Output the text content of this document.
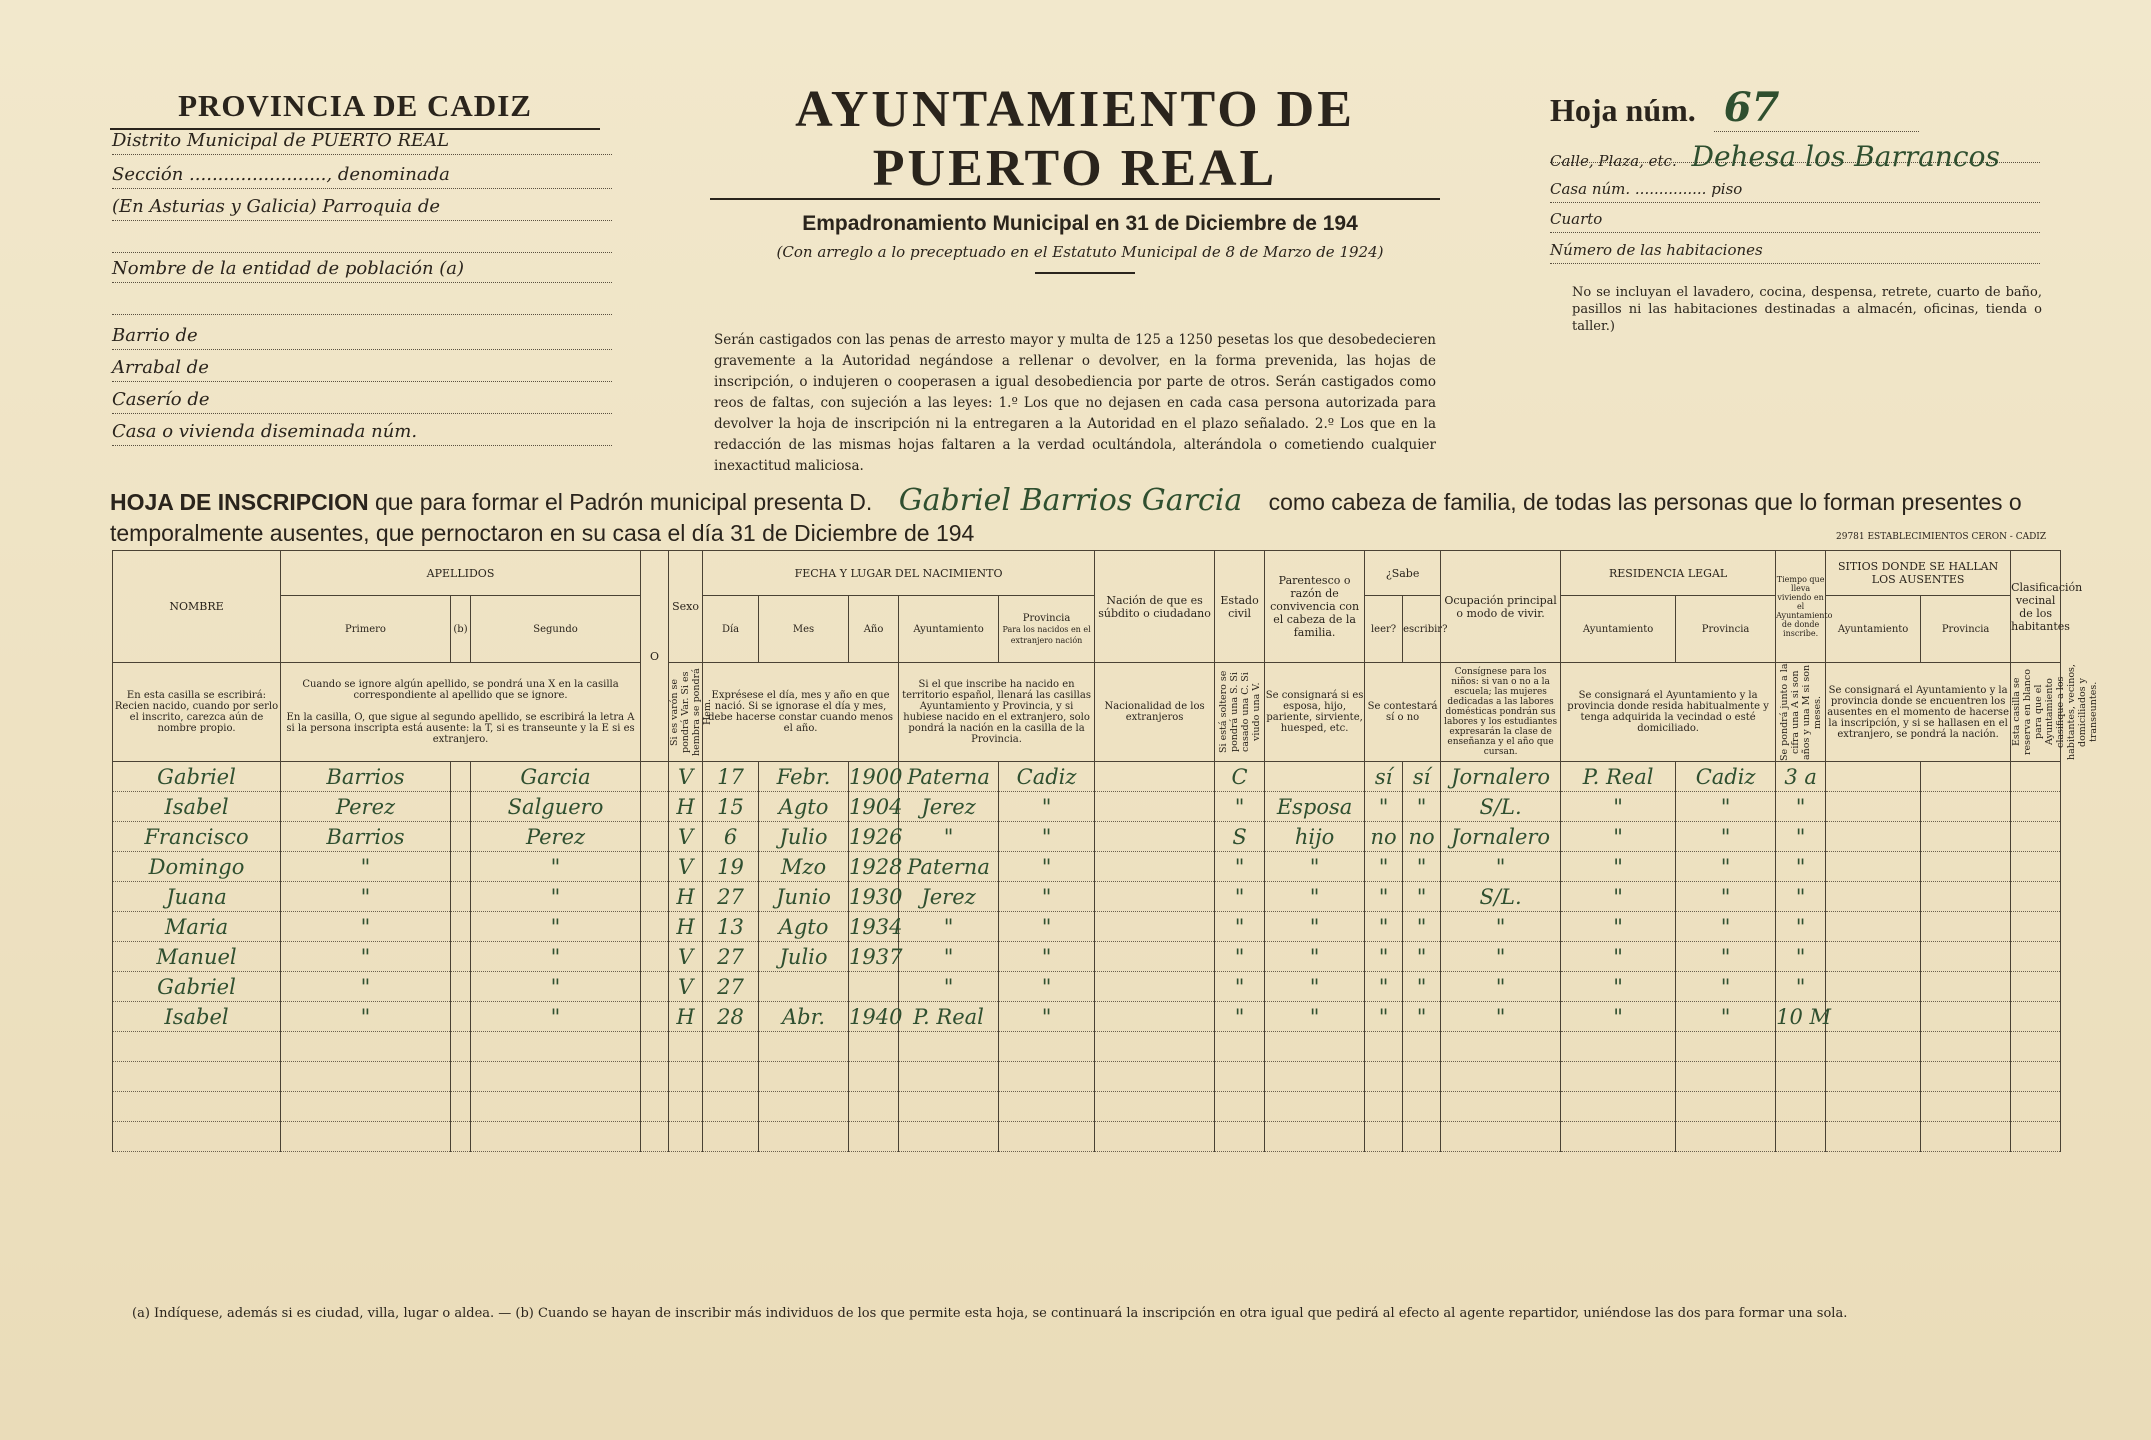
PROVINCIA DE CADIZ
Distrito Municipal de PUERTO REAL
Sección ........................, denominada
(En Asturias y Galicia) Parroquia de
Nombre de la entidad de población (a)
Barrio de
Arrabal de
Caserío de
Casa o vivienda diseminada núm.
AYUNTAMIENTO DE PUERTO REAL
Empadronamiento Municipal en 31 de Diciembre de 194
(Con arreglo a lo preceptuado en el Estatuto Municipal de 8 de Marzo de 1924)
Serán castigados con las penas de arresto mayor y multa de 125 a 1250 pesetas los que desobedecieren gravemente a la Autoridad negándose a rellenar o devolver, en la forma prevenida, las hojas de inscripción, o indujeren o cooperasen a igual desobediencia por parte de otros. Serán castigados como reos de faltas, con sujeción a las leyes: 1.º Los que no dejasen en cada casa persona autorizada para devolver la hoja de inscripción ni la entregaren a la Autoridad en el plazo señalado. 2.º Los que en la redacción de las mismas hojas faltaren a la verdad ocultándola, alterándola o cometiendo cualquier inexactitud maliciosa.
Hoja núm. 67
Calle, Plaza, etc. Dehesa los Barrancos
Casa núm. ............... piso
Cuarto
Número de las habitaciones
No se incluyan el lavadero, cocina, despensa, retrete, cuarto de baño, pasillos ni las habitaciones destinadas a almacén, oficinas, tienda o taller.)
HOJA DE INSCRIPCION que para formar el Padrón municipal presenta D. Gabriel Barrios Garcia como cabeza de familia, de todas las personas que lo forman presentes o temporalmente ausentes, que pernoctaron en su casa el día 31 de Diciembre de 194	29781 ESTABLECIMIENTOS CERON - CADIZ
NOMBRE	APELLIDOS			O	Sexo	FECHA Y LUGAR DEL NACIMIENTO					Nación de que es súbdito o ciudadano	Estado civil	Parentesco o razón de convivencia con el cabeza de la familia.	¿Sabe		Ocupación principal o modo de vivir.	RESIDENCIA LEGAL		Tiempo que lleva viviendo en el Ayuntamiento de donde inscribe.	SITIOS DONDE SE HALLAN LOS AUSENTES		Clasificación vecinal de los habitantes
	Primero	(b)	Segundo			Día	Mes	Año	Ayuntamiento	Provincia
Para los nacidos en el extranjero nación				leer?	escribir?		Ayuntamiento	Provincia		Ayuntamiento	Provincia	
En esta casilla se escribirá: Recien nacido, cuando por serlo el inscrito, carezca aún de nombre propio.	Cuando se ignore algún apellido, se pondrá una X en la casilla correspondiente al apellido que se ignore.

En la casilla, O, que sigue al segundo apellido, se escribirá la letra A si la persona inscripta está ausente: la T, si es transeunte y la E si es extranjero.				Si es varón se pondrá Var. Si es hembra se pondrá Hem.	Exprésese el día, mes y año en que nació. Si se ignorase el día y mes, debe hacerse constar cuando menos el año.			Si el que inscribe ha nacido en territorio español, llenará las casillas Ayuntamiento y Provincia, y si hubiese nacido en el extranjero, solo pondrá la nación en la casilla de la Provincia.		Nacionalidad de los extranjeros	Si está soltero se pondrá una S. Si casado una C. Si viudo una V.	Se consignará si es esposa, hijo, pariente, sirviente, huesped, etc.	Se contestará sí o no		Consígnese para los niños: si van o no a la escuela; las mujeres dedicadas a las labores domésticas pondrán sus labores y los estudiantes expresarán la clase de enseñanza y el año que cursan.	Se consignará el Ayuntamiento y la provincia donde resida habitualmente y tenga adquirida la vecindad o esté domiciliado.		Se pondrá junto a la cifra una A si son años y una M si son meses.	Se consignará el Ayuntamiento y la provincia donde se encuentren los ausentes en el momento de hacerse la inscripción, y si se hallasen en el extranjero, se pondrá la nación.		Esta casilla se reserva en blanco para que el Ayuntamiento clasifique a los habitantes, vecinos, domiciliados y transeuntes.

Gabriel	Barrios		Garcia		V	17	Febr.	1900	Paterna	Cadiz		C		sí	sí	Jornalero	P. Real	Cadiz	3 a			
Isabel	Perez		Salguero		H	15	Agto	1904	Jerez	"		"	Esposa	"	"	S/L.	"	"	"			
Francisco	Barrios		Perez		V	6	Julio	1926	"	"		S	hijo	no	no	Jornalero	"	"	"			
Domingo	"		"		V	19	Mzo	1928	Paterna	"		"	"	"	"	"	"	"	"			
Juana	"		"		H	27	Junio	1930	Jerez	"		"	"	"	"	S/L.	"	"	"			
Maria	"		"		H	13	Agto	1934	"	"		"	"	"	"	"	"	"	"			
Manuel	"		"		V	27	Julio	1937	"	"		"	"	"	"	"	"	"	"			
Gabriel	"		"		V	27			"	"		"	"	"	"	"	"	"	"			
Isabel	"		"		H	28	Abr.	1940	P. Real	"		"	"	"	"	"	"	"	10 M			

(a) Indíquese, además si es ciudad, villa, lugar o aldea. — (b) Cuando se hayan de inscribir más individuos de los que permite esta hoja, se continuará la inscripción en otra igual que pedirá al efecto al agente repartidor, uniéndose las dos para formar una sola.
